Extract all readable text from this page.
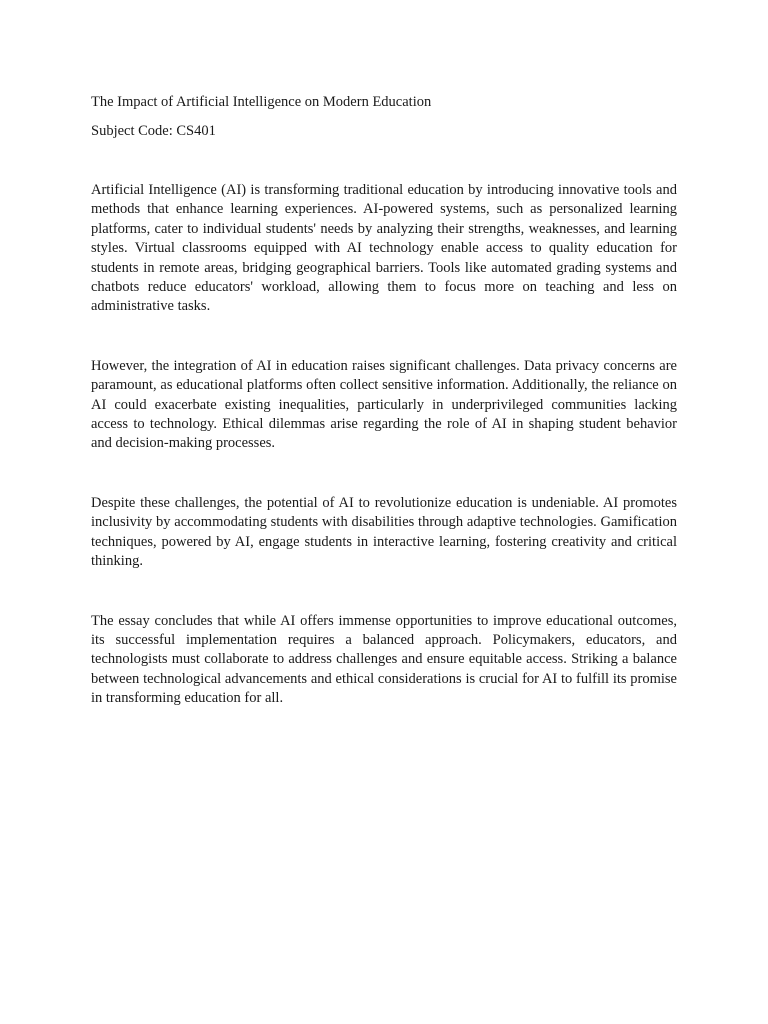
The Impact of Artificial Intelligence on Modern Education

Subject Code: CS401

Artificial Intelligence (AI) is transforming traditional education by introducing innovative tools and methods that enhance learning experiences. AI-powered systems, such as personalized learning platforms, cater to individual students' needs by analyzing their strengths, weaknesses, and learning styles. Virtual classrooms equipped with AI technology enable access to quality education for students in remote areas, bridging geographical barriers. Tools like automated grading systems and chatbots reduce educators' workload, allowing them to focus more on teaching and less on administrative tasks.

However, the integration of AI in education raises significant challenges. Data privacy concerns are paramount, as educational platforms often collect sensitive information. Additionally, the reliance on AI could exacerbate existing inequalities, particularly in underprivileged communities lacking access to technology. Ethical dilemmas arise regarding the role of AI in shaping student behavior and decision-making processes.

Despite these challenges, the potential of AI to revolutionize education is undeniable. AI promotes inclusivity by accommodating students with disabilities through adaptive technologies. Gamification techniques, powered by AI, engage students in interactive learning, fostering creativity and critical thinking.

The essay concludes that while AI offers immense opportunities to improve educational outcomes, its successful implementation requires a balanced approach. Policymakers, educators, and technologists must collaborate to address challenges and ensure equitable access. Striking a balance between technological advancements and ethical considerations is crucial for AI to fulfill its promise in transforming education for all.
